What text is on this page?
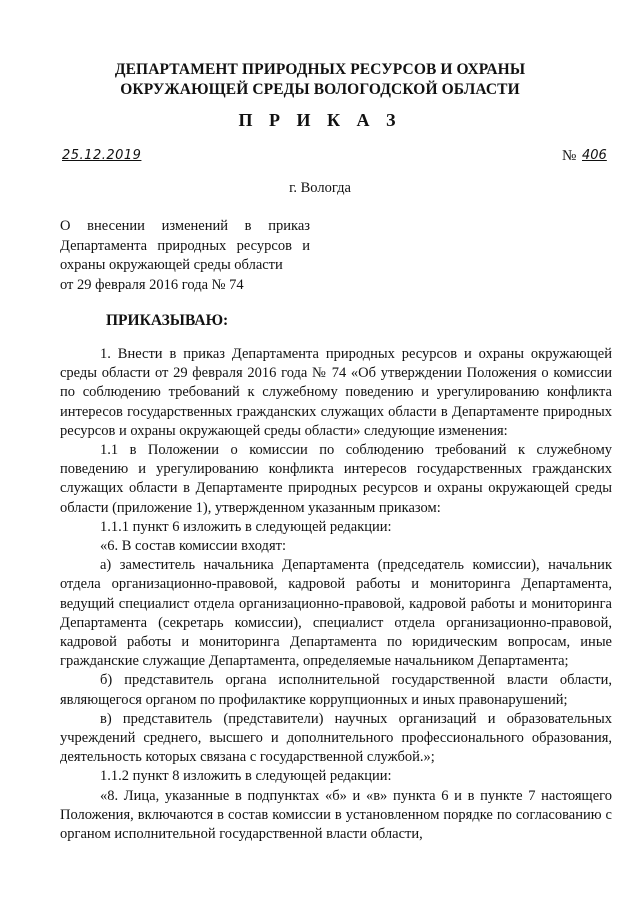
ДЕПАРТАМЕНТ ПРИРОДНЫХ РЕСУРСОВ И ОХРАНЫ
ОКРУЖАЮЩЕЙ СРЕДЫ ВОЛОГОДСКОЙ ОБЛАСТИ
П Р И К А З
25.12.2019	№ 406
г. Вологда
О внесении изменений в приказ
Департамента природных ресурсов и
охраны окружающей среды области
от 29 февраля 2016 года № 74
ПРИКАЗЫВАЮ:

1. Внести в приказ Департамента природных ресурсов и охраны окружающей среды области от 29 февраля 2016 года № 74 «Об утверждении Положения о комиссии по соблюдению требований к служебному поведению и урегулированию конфликта интересов государственных гражданских служащих области в Департаменте природных ресурсов и охраны окружающей среды области» следующие изменения:

1.1 в Положении о комиссии по соблюдению требований к служебному поведению и урегулированию конфликта интересов государственных гражданских служащих области в Департаменте природных ресурсов и охраны окружающей среды области (приложение 1), утвержденном указанным приказом:

1.1.1 пункт 6 изложить в следующей редакции:

«6. В состав комиссии входят:

а) заместитель начальника Департамента (председатель комиссии), начальник отдела организационно-правовой, кадровой работы и мониторинга Департамента, ведущий специалист отдела организационно-правовой, кадровой работы и мониторинга Департамента (секретарь комиссии), специалист отдела организационно-правовой, кадровой работы и мониторинга Департамента по юридическим вопросам, иные гражданские служащие Департамента, определяемые начальником Департамента;

б) представитель органа исполнительной государственной власти области, являющегося органом по профилактике коррупционных и иных правонарушений;

в) представитель (представители) научных организаций и образовательных учреждений среднего, высшего и дополнительного профессионального образования, деятельность которых связана с государственной службой.»;

1.1.2 пункт 8 изложить в следующей редакции:

«8. Лица, указанные в подпунктах «б» и «в» пункта 6 и в пункте 7 настоящего Положения, включаются в состав комиссии в установленном порядке по согласованию с органом исполнительной государственной власти области,
